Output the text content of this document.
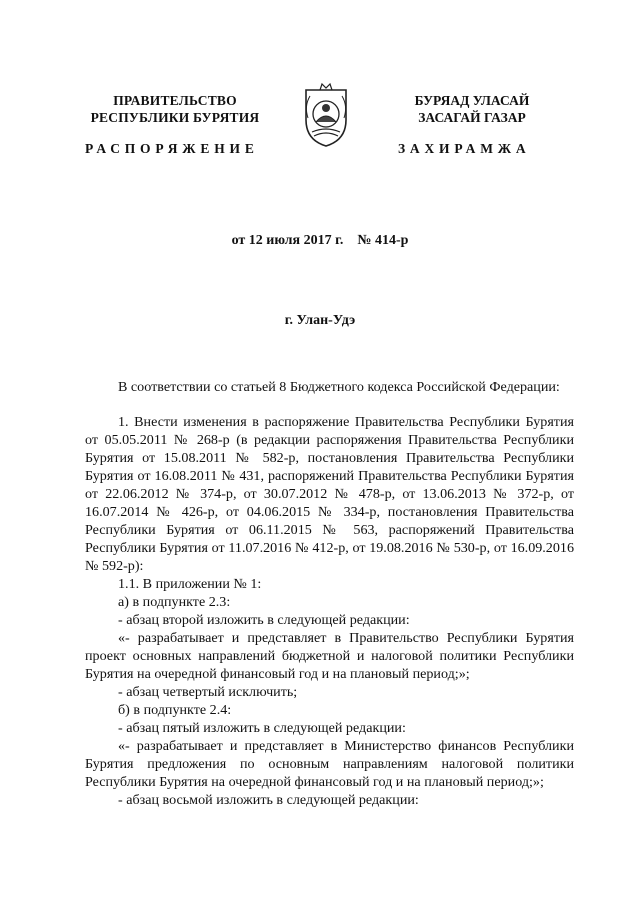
ПРАВИТЕЛЬСТВО
РЕСПУБЛИКИ БУРЯТИЯ
БУРЯАД УЛАСАЙ
ЗАСАГАЙ ГАЗАР
РАСПОРЯЖЕНИЕ	ЗАХИРАМЖА
от 12 июля 2017 г. № 414-р
г. Улан-Удэ

В соответствии со статьей 8 Бюджетного кодекса Российской Федерации:

1. Внести изменения в распоряжение Правительства Республики Бурятия от 05.05.2011 № 268-р (в редакции распоряжения Правительства Республики Бурятия от 15.08.2011 № 582-р, постановления Правительства Республики Бурятия от 16.08.2011 № 431, распоряжений Правительства Республики Бурятия от 22.06.2012 № 374-р, от 30.07.2012 № 478-р, от 13.06.2013 № 372-р, от 16.07.2014 № 426-р, от 04.06.2015 № 334-р, постановления Правительства Республики Бурятия от 06.11.2015 № 563, распоряжений Правительства Республики Бурятия от 11.07.2016 № 412-р, от 19.08.2016 № 530-р, от 16.09.2016 № 592-р):

1.1. В приложении № 1:

а) в подпункте 2.3:

- абзац второй изложить в следующей редакции:

«- разрабатывает и представляет в Правительство Республики Бурятия проект основных направлений бюджетной и налоговой политики Республики Бурятия на очередной финансовый год и на плановый период;»;

- абзац четвертый исключить;

б) в подпункте 2.4:

- абзац пятый изложить в следующей редакции:

«- разрабатывает и представляет в Министерство финансов Республики Бурятия предложения по основным направлениям налоговой политики Республики Бурятия на очередной финансовый год и на плановый период;»;

- абзац восьмой изложить в следующей редакции:
